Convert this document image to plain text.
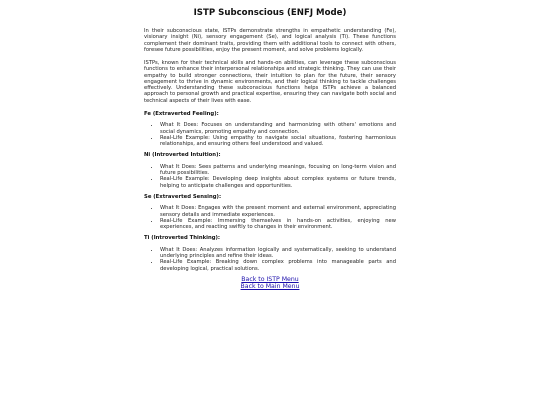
ISTP Subconscious (ENFJ Mode)

In their subconscious state, ISTPs demonstrate strengths in empathetic understanding (Fe), visionary insight (Ni), sensory engagement (Se), and logical analysis (Ti). These functions complement their dominant traits, providing them with additional tools to connect with others, foresee future possibilities, enjoy the present moment, and solve problems logically.

ISTPs, known for their technical skills and hands-on abilities, can leverage these subconscious functions to enhance their interpersonal relationships and strategic thinking. They can use their empathy to build stronger connections, their intuition to plan for the future, their sensory engagement to thrive in dynamic environments, and their logical thinking to tackle challenges effectively. Understanding these subconscious functions helps ISTPs achieve a balanced approach to personal growth and practical expertise, ensuring they can navigate both social and technical aspects of their lives with ease.

Fe (Extraverted Feeling):
• What It Does: Focuses on understanding and harmonizing with others' emotions and social dynamics, promoting empathy and connection.
• Real-Life Example: Using empathy to navigate social situations, fostering harmonious relationships, and ensuring others feel understood and valued.
Ni (Introverted Intuition):
• What It Does: Sees patterns and underlying meanings, focusing on long-term vision and future possibilities.
• Real-Life Example: Developing deep insights about complex systems or future trends, helping to anticipate challenges and opportunities.
Se (Extraverted Sensing):
• What It Does: Engages with the present moment and external environment, appreciating sensory details and immediate experiences.
• Real-Life Example: Immersing themselves in hands-on activities, enjoying new experiences, and reacting swiftly to changes in their environment.
Ti (Introverted Thinking):
• What It Does: Analyzes information logically and systematically, seeking to understand underlying principles and refine their ideas.
• Real-Life Example: Breaking down complex problems into manageable parts and developing logical, practical solutions.
Back to ISTP Menu
Back to Main Menu
